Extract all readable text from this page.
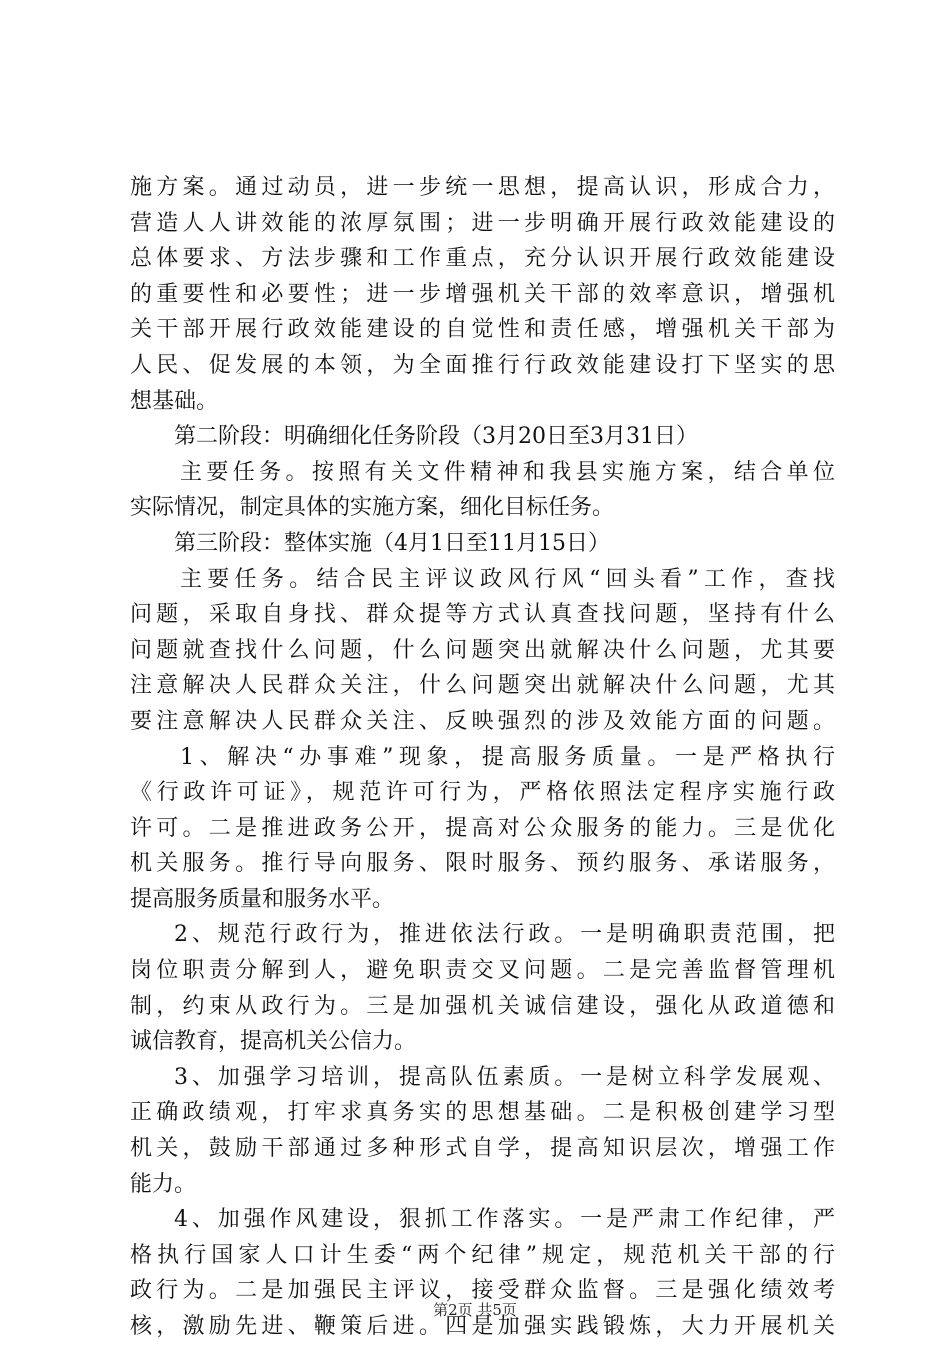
施方案。通过动员，进一步统一思想，提高认识，形成合力，
营造人人讲效能的浓厚氛围；进一步明确开展行政效能建设的
总体要求、方法步骤和工作重点，充分认识开展行政效能建设
的重要性和必要性；进一步增强机关干部的效率意识，增强机
关干部开展行政效能建设的自觉性和责任感，增强机关干部为
人民、促发展的本领，为全面推行行政效能建设打下坚实的思
想基础。
第二阶段：明确细化任务阶段（3月20日至3月31日）
主要任务。按照有关文件精神和我县实施方案，结合单位
实际情况，制定具体的实施方案，细化目标任务。
第三阶段：整体实施（4月1日至11月15日）
主要任务。结合民主评议政风行风“回头看”工作，查找
问题，采取自身找、群众提等方式认真查找问题，坚持有什么
问题就查找什么问题，什么问题突出就解决什么问题，尤其要
注意解决人民群众关注，什么问题突出就解决什么问题，尤其
要注意解决人民群众关注、反映强烈的涉及效能方面的问题。
1、解决“办事难”现象，提高服务质量。一是严格执行
《行政许可证》，规范许可行为，严格依照法定程序实施行政
许可。二是推进政务公开，提高对公众服务的能力。三是优化
机关服务。推行导向服务、限时服务、预约服务、承诺服务，
提高服务质量和服务水平。
2、规范行政行为，推进依法行政。一是明确职责范围，把
岗位职责分解到人，避免职责交叉问题。二是完善监督管理机
制，约束从政行为。三是加强机关诚信建设，强化从政道德和
诚信教育，提高机关公信力。
3、加强学习培训，提高队伍素质。一是树立科学发展观、
正确政绩观，打牢求真务实的思想基础。二是积极创建学习型
机关，鼓励干部通过多种形式自学，提高知识层次，增强工作
能力。
4、加强作风建设，狠抓工作落实。一是严肃工作纪律，严
格执行国家人口计生委“两个纪律”规定，规范机关干部的行
政行为。二是加强民主评议，接受群众监督。三是强化绩效考
核，激励先进、鞭策后进。四是加强实践锻炼，大力开展机关
第2页 共5页
